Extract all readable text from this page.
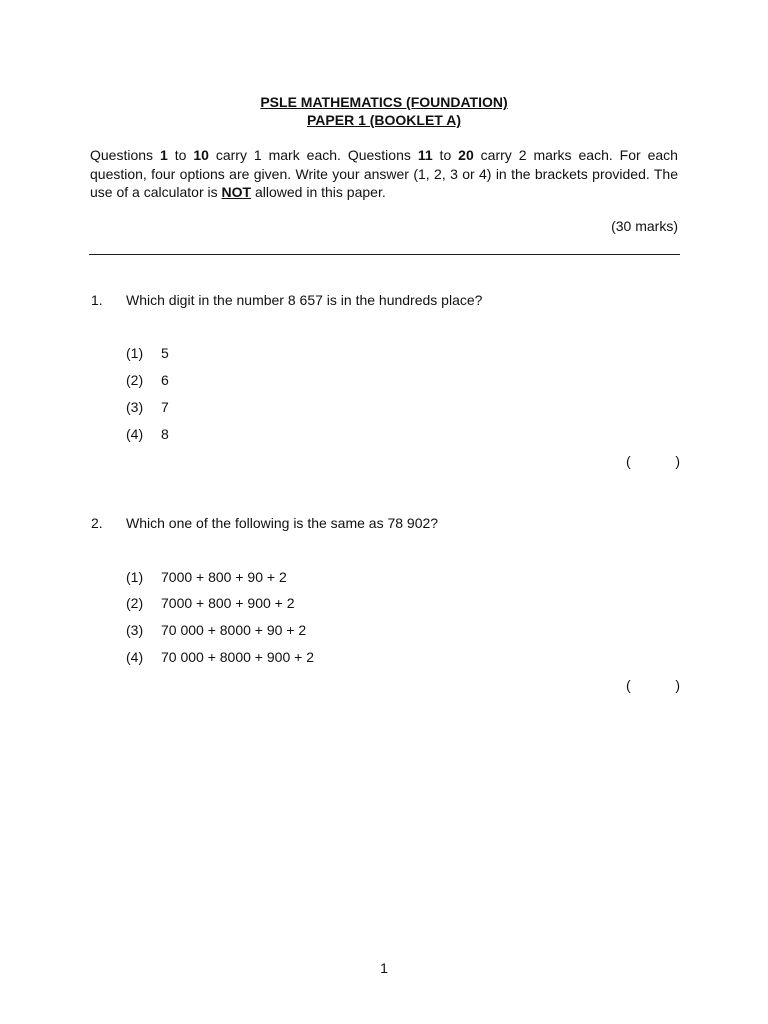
PSLE MATHEMATICS (FOUNDATION)
PAPER 1 (BOOKLET A)
Questions 1 to 10 carry 1 mark each. Questions 11 to 20 carry 2 marks each. For each question, four options are given. Write your answer (1, 2, 3 or 4) in the brackets provided. The use of a calculator is NOT allowed in this paper.
(30 marks)
1. Which digit in the number 8 657 is in the hundreds place?
(1) 5
(2) 6
(3) 7
(4) 8
(	)
2. Which one of the following is the same as 78 902?
(1) 7000 + 800 + 90 + 2
(2) 7000 + 800 + 900 + 2
(3) 70 000 + 8000 + 90 + 2
(4) 70 000 + 8000 + 900 + 2
(	)
1
